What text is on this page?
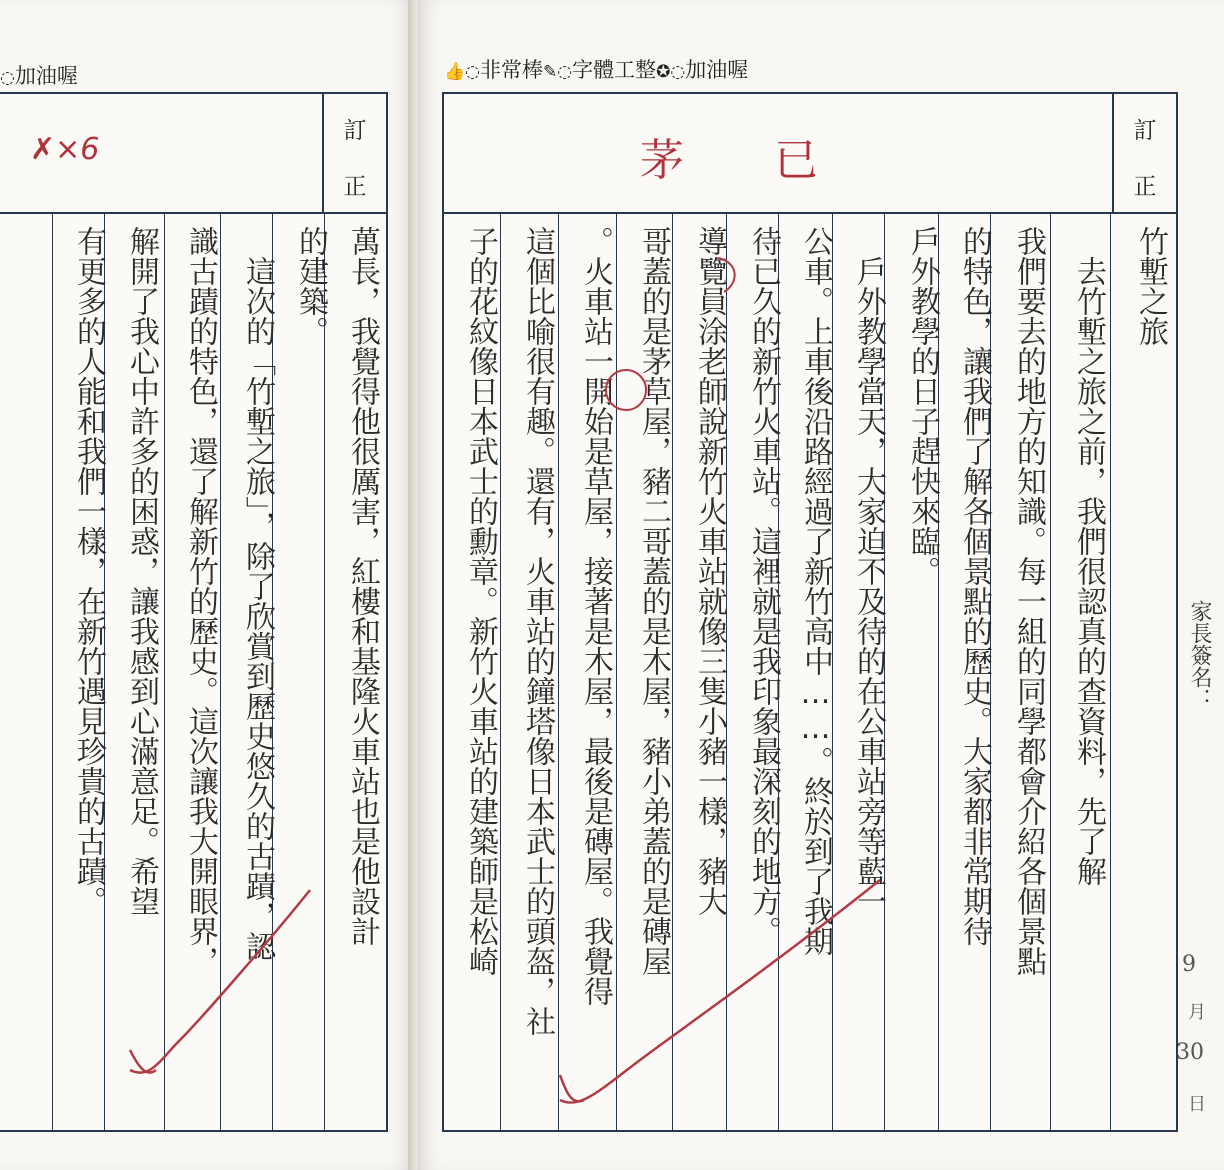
◌加油喔
訂
正
✗×6
萬長，我覺得他很厲害，紅樓和基隆火車站也是他設計
的建築。
　這次的「竹塹之旅」，除了欣賞到歷史悠久的古蹟，認
識古蹟的特色，還了解新竹的歷史。這次讓我大開眼界，
解開了我心中許多的困惑，讓我感到心滿意足。希望
有更多的人能和我們一樣，在新竹遇見珍貴的古蹟。
👍◌非常棒✎◌字體工整✪◌加油喔
訂
正
茅已
竹塹之旅
　去竹塹之旅之前，我們很認真的查資料，先了解
我們要去的地方的知識。每一組的同學都會介紹各個景點
的特色，讓我們了解各個景點的歷史。大家都非常期待
戶外教學的日子趕快來臨。
　戶外教學當天，大家迫不及待的在公車站旁等藍一
公車。上車後沿路經過了新竹高中……。終於到了我期
待已久的新竹火車站。這裡就是我印象最深刻的地方。
導覽員涂老師說新竹火車站就像三隻小豬一樣，豬大
哥蓋的是茅草屋，豬二哥蓋的是木屋，豬小弟蓋的是磚屋
。火車站一開始是草屋，接著是木屋，最後是磚屋。我覺得
這個比喻很有趣。還有，火車站的鐘塔像日本武士的頭盔，社
子的花紋像日本武士的勳章。新竹火車站的建築師是松崎	家長簽名：
9
月
30
日
